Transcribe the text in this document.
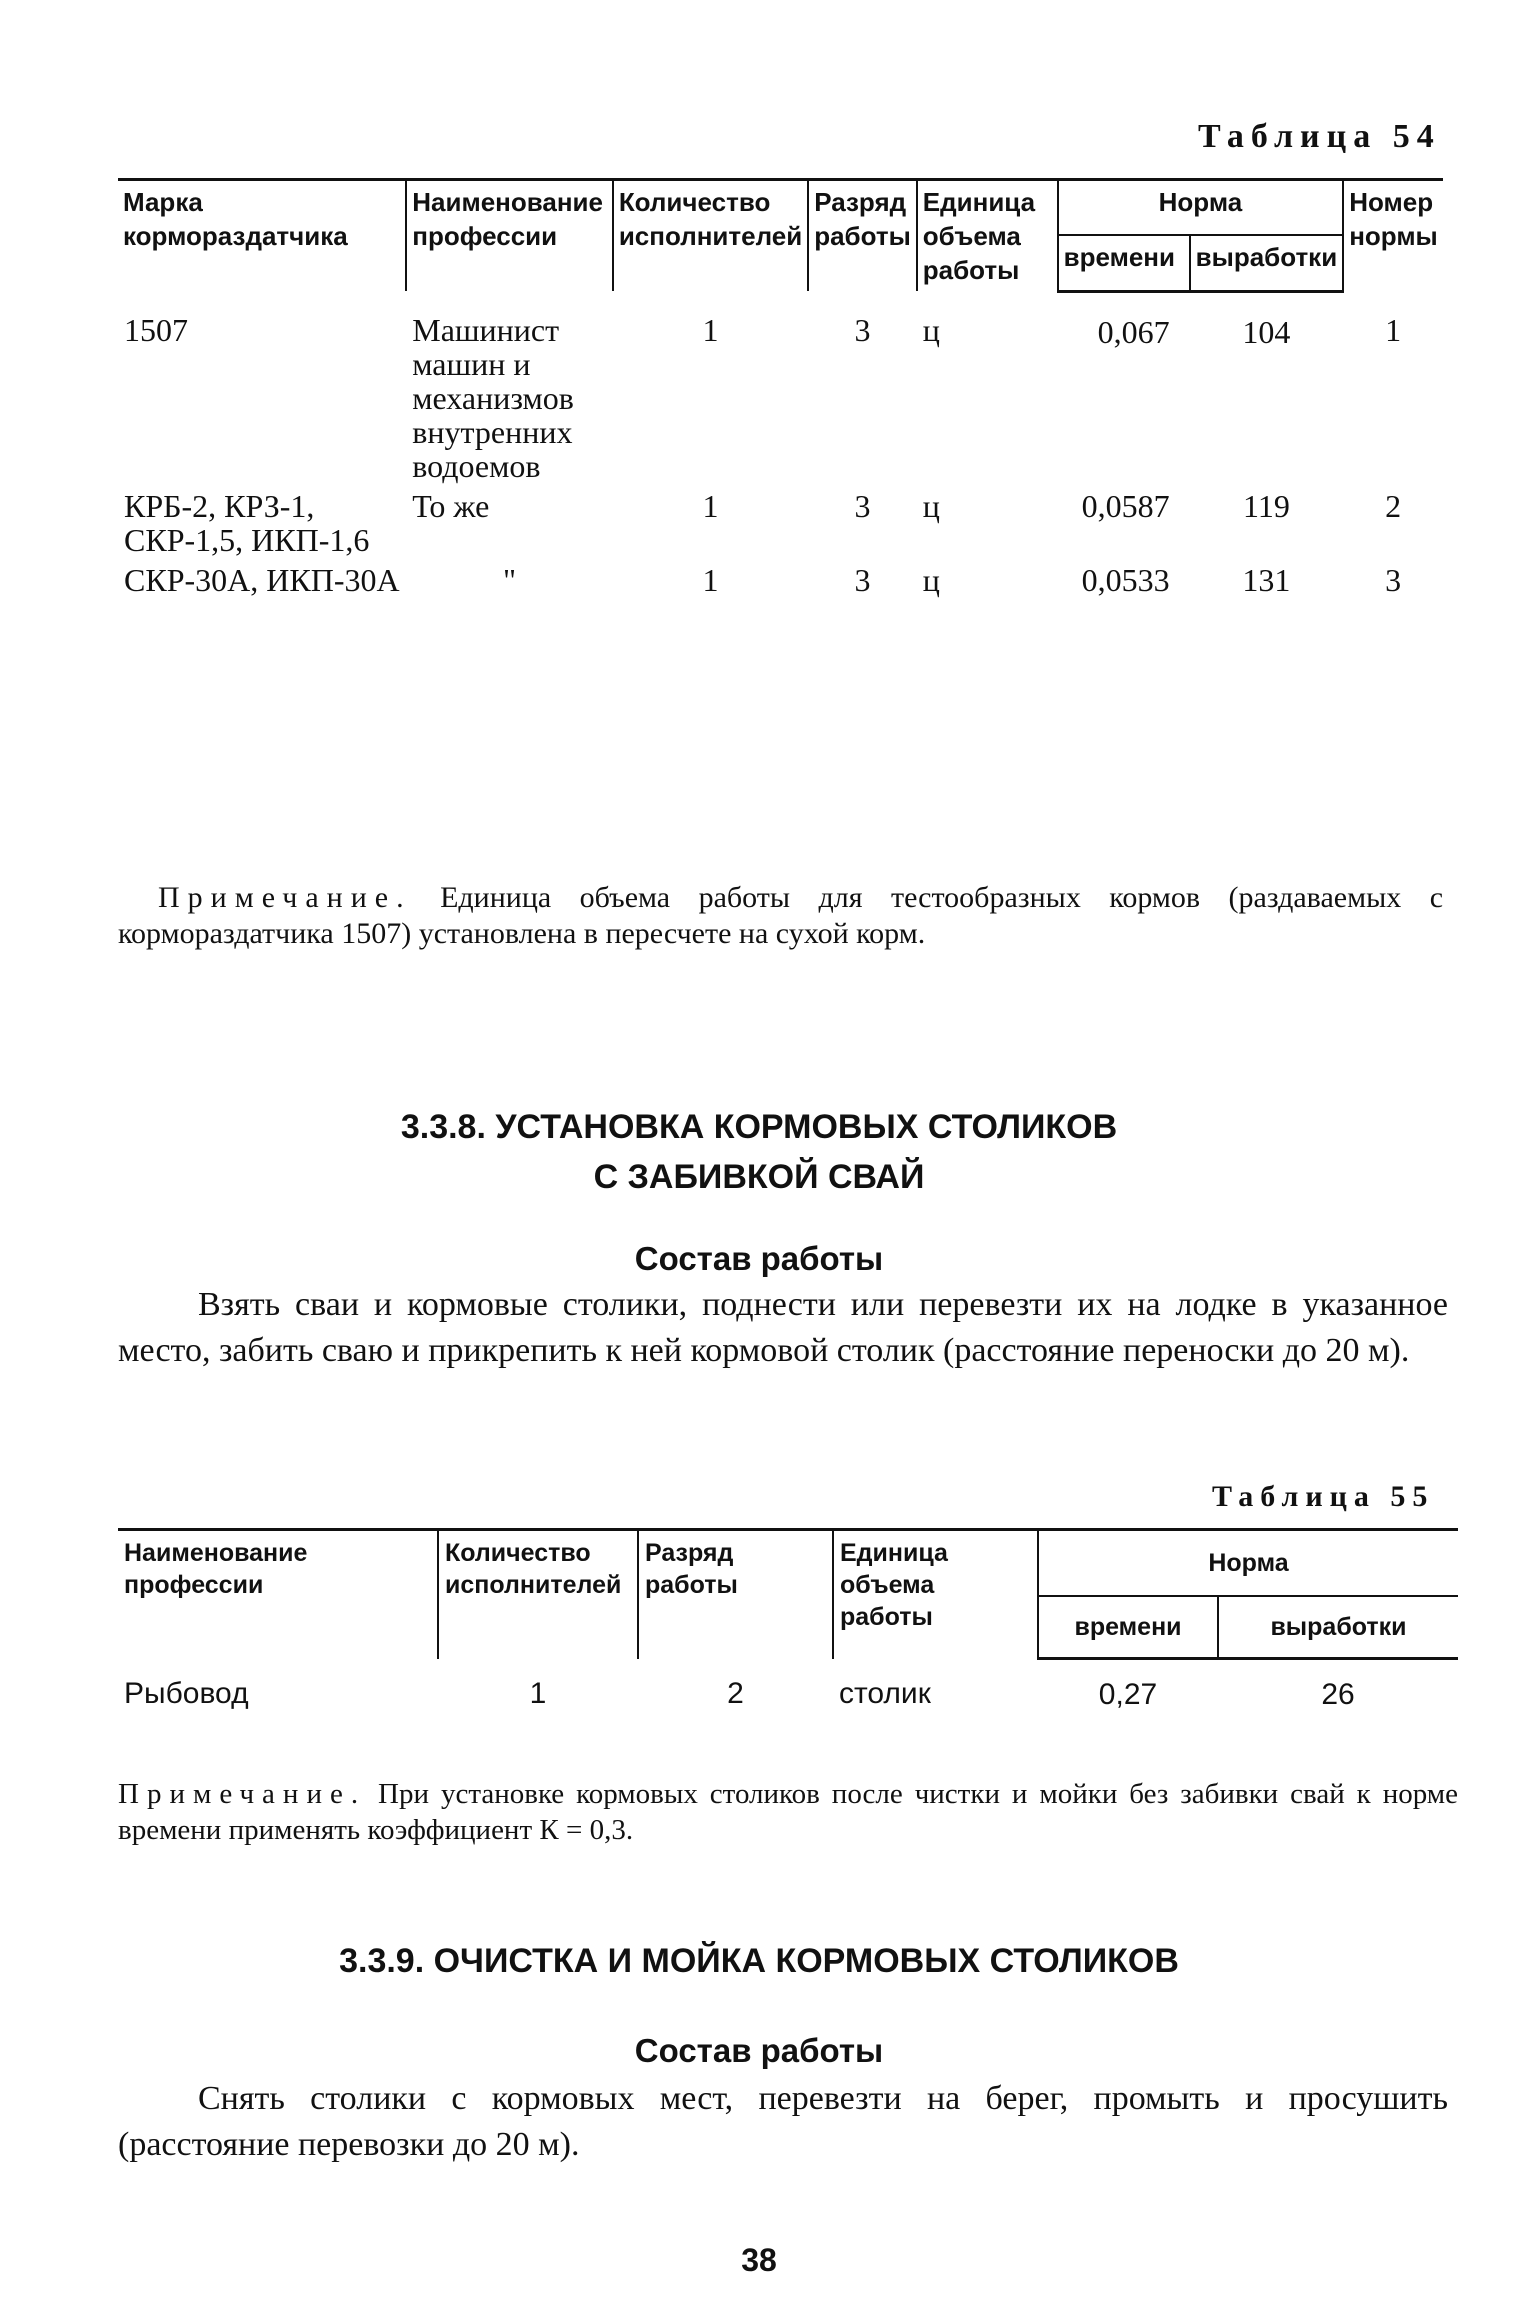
Таблица 54
Марка кормораздатчика	Наименование профессии	Количество исполнителей	Разряд работы	Единица объема работы	Норма		Номер нормы
					времени	выработки	
1507	Машинист машин и механизмов внутренних водоемов	1	3	ц	0,067	104	1
КРБ-2, КРЗ-1, СКР-1,5, ИКП-1,6	То же	1	3	ц	0,0587	119	2
СКР-30А, ИКП-30А	"	1	3	ц	0,0533	131	3
Примечание. Единица объема работы для тестообразных кормов (раздаваемых с кормораздатчика 1507) установлена в пересчете на сухой корм.
3.3.8. УСТАНОВКА КОРМОВЫХ СТОЛИКОВ
С ЗАБИВКОЙ СВАЙ
Состав работы
Взять сваи и кормовые столики, поднести или перевезти их на лодке в указанное место, забить сваю и прикрепить к ней кормовой столик (расстояние переноски до 20 м).
Таблица 55
Наименование профессии	Количество исполнителей	Разряд работы	Единица объема работы	Норма	
				времени	выработки
Рыбовод	1	2	столик	0,27	26
Примечание. При установке кормовых столиков после чистки и мойки без забивки свай к норме времени применять коэффициент К = 0,3.
3.3.9. ОЧИСТКА И МОЙКА КОРМОВЫХ СТОЛИКОВ
Состав работы
Снять столики с кормовых мест, перевезти на берег, промыть и просушить (расстояние перевозки до 20 м).
38
